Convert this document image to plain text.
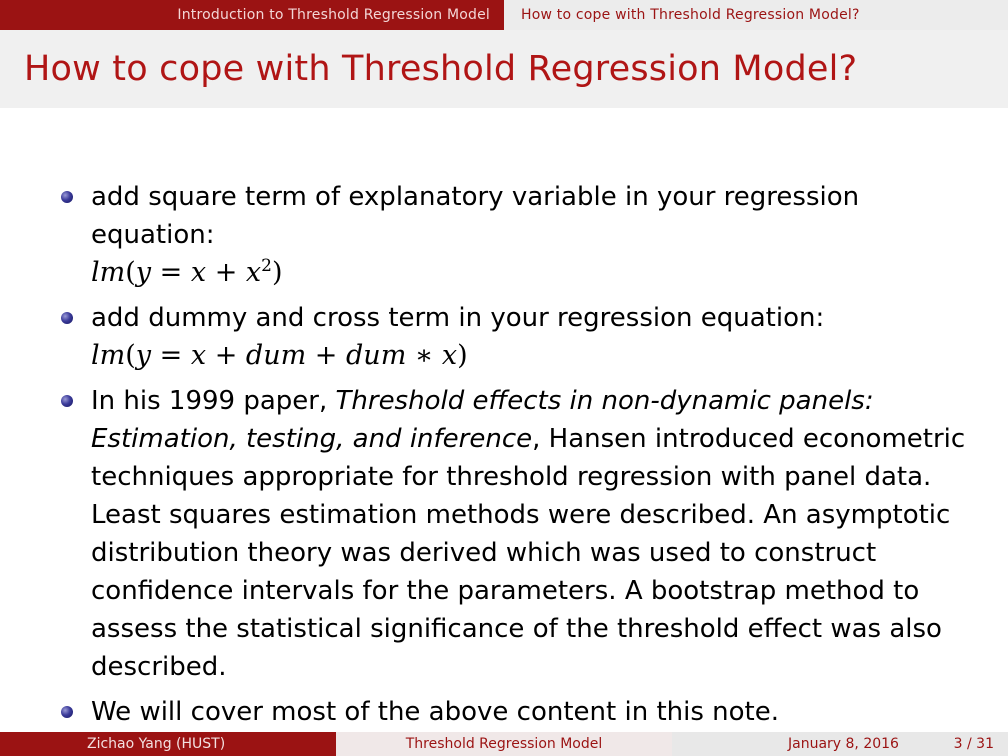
Introduction to Threshold Regression Model	How to cope with Threshold Regression Model?
How to cope with Threshold Regression Model?
add square term of explanatory variable in your regression equation:
$lm(y = x + x^2)$
add dummy and cross term in your regression equation:
lm(y = x + dum + dum ∗ x)
In his 1999 paper, Threshold effects in non-dynamic panels: Estimation, testing, and inference, Hansen introduced econometric techniques appropriate for threshold regression with panel data. Least squares estimation methods were described. An asymptotic distribution theory was derived which was used to construct confidence intervals for the parameters. A bootstrap method to assess the statistical significance of the threshold effect was also described.
We will cover most of the above content in this note.
Zichao Yang (HUST)	Threshold Regression Model	January 8, 2016	3 / 31
